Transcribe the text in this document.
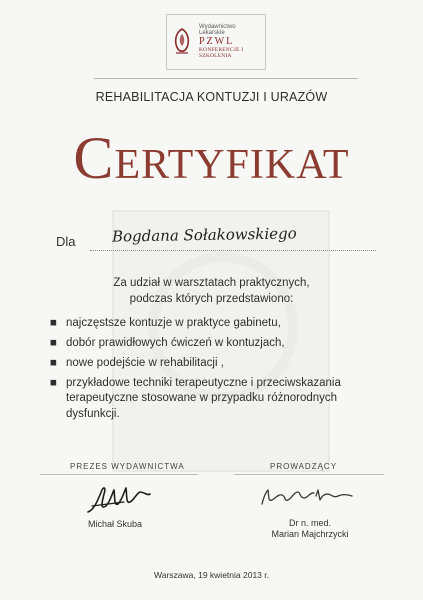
Wydawnictwo
Lekarskie
PZWL
KONFERENCJE I SZKOLENIA
REHABILITACJA KONTUZJI I URAZÓW
CERTYFIKAT
Dla Bogdana Sołakowskiego
Za udział w warsztatach praktycznych,
podczas których przedstawiono:
■ najczęstsze kontuzje w praktyce gabinetu,
■ dobór prawidłowych ćwiczeń w kontuzjach,
■ nowe podejście w rehabilitacji ,
■ przykładowe techniki terapeutyczne i przeciwskazania terapeutyczne stosowane w przypadku różnorodnych dysfunkcji.
PREZES WYDAWNICTWA	PROWADZĄCY
Michał Skuba	Dr n. med.
Marian Majchrzycki
Warszawa, 19 kwietnia 2013 r.
